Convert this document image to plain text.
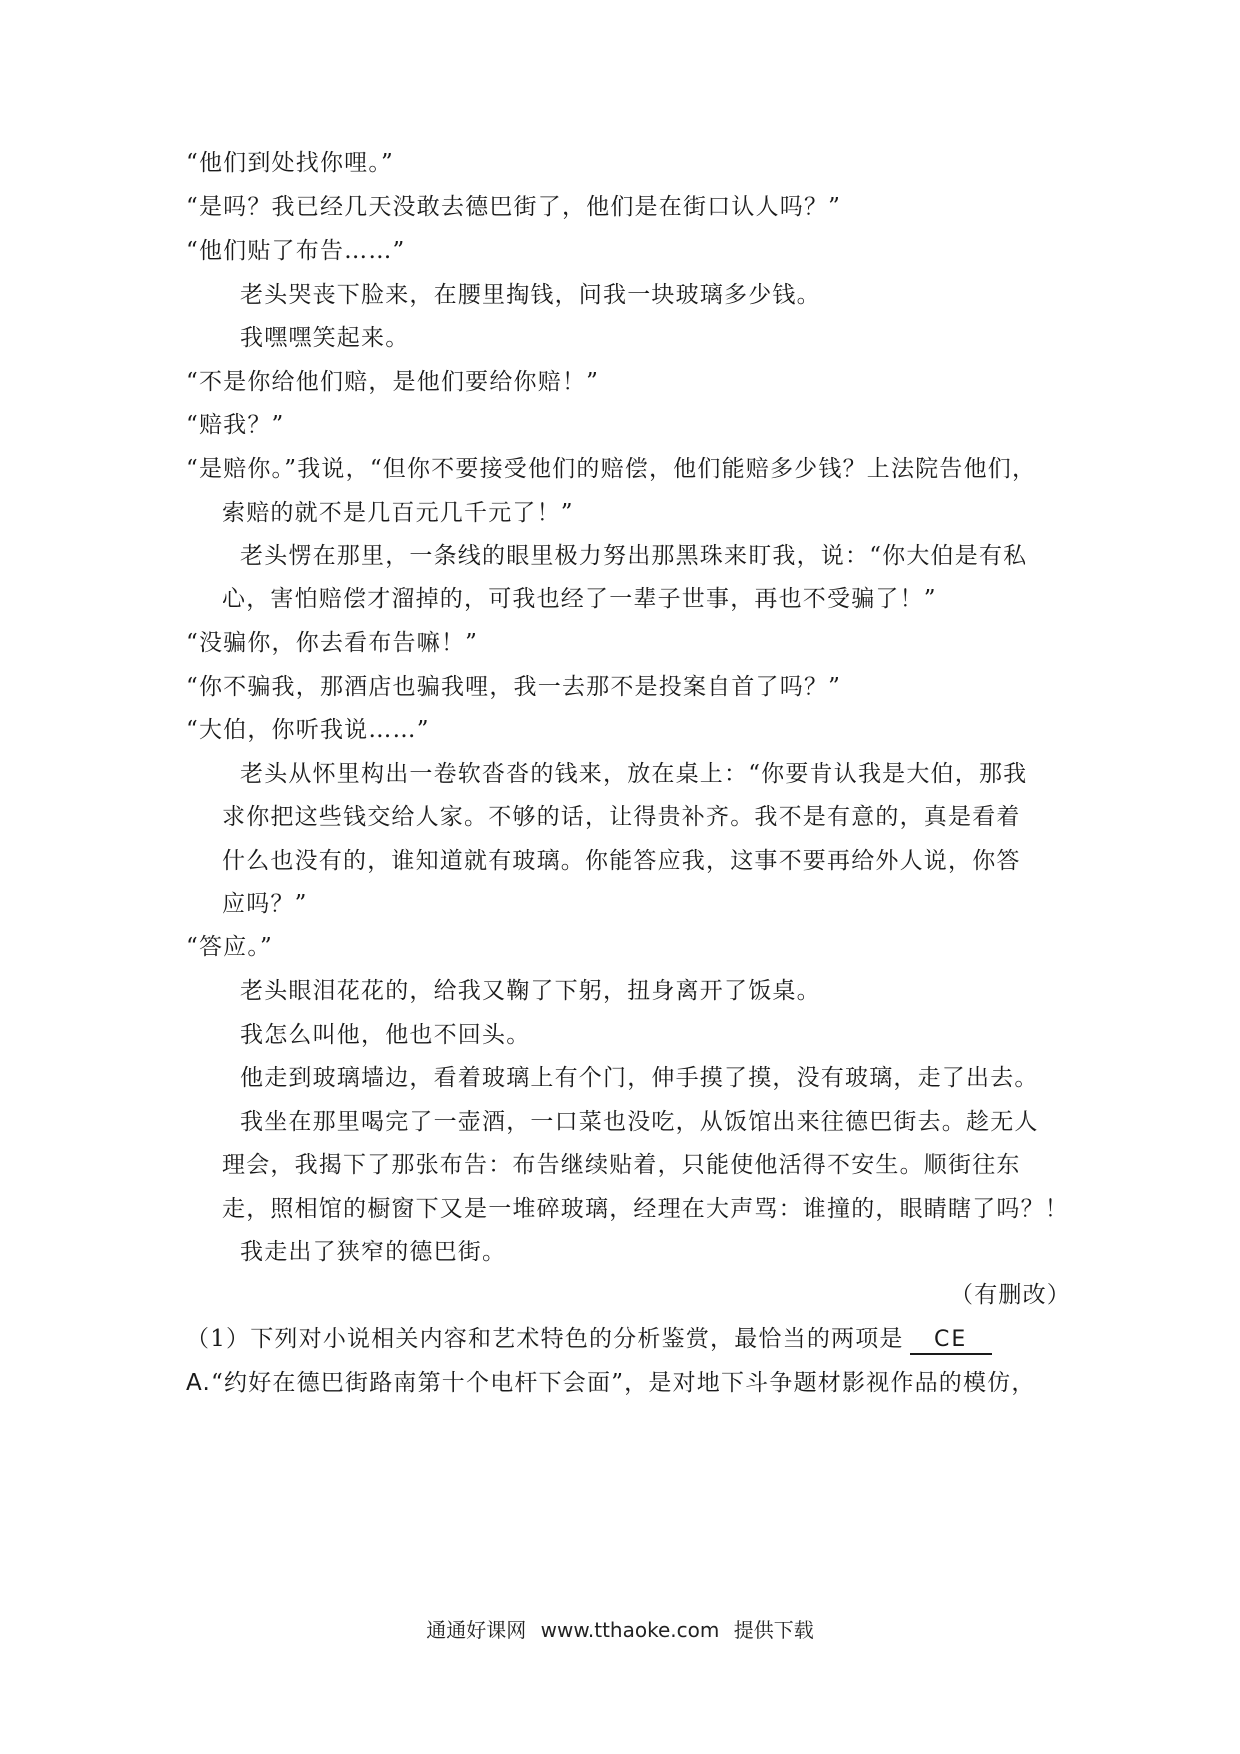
“他们到处找你哩。”
“是吗？我已经几天没敢去德巴街了，他们是在街口认人吗？”
“他们贴了布告……”
老头哭丧下脸来，在腰里掏钱，问我一块玻璃多少钱。
我嘿嘿笑起来。
“不是你给他们赔，是他们要给你赔！”
“赔我？”
“是赔你。”我说，“但你不要接受他们的赔偿，他们能赔多少钱？上法院告他们，
索赔的就不是几百元几千元了！”
老头愣在那里，一条线的眼里极力努出那黑珠来盯我，说：“你大伯是有私
心，害怕赔偿才溜掉的，可我也经了一辈子世事，再也不受骗了！”
“没骗你，你去看布告嘛！”
“你不骗我，那酒店也骗我哩，我一去那不是投案自首了吗？”
“大伯，你听我说……”
老头从怀里构出一卷软沓沓的钱来，放在桌上：“你要肯认我是大伯，那我
求你把这些钱交给人家。不够的话，让得贵补齐。我不是有意的，真是看着
什么也没有的，谁知道就有玻璃。你能答应我，这事不要再给外人说，你答
应吗？”
“答应。”
老头眼泪花花的，给我又鞠了下躬，扭身离开了饭桌。
我怎么叫他，他也不回头。
他走到玻璃墙边，看着玻璃上有个门，伸手摸了摸，没有玻璃，走了出去。
我坐在那里喝完了一壶酒，一口菜也没吃，从饭馆出来往德巴街去。趁无人
理会，我揭下了那张布告：布告继续贴着，只能使他活得不安生。顺街往东
走，照相馆的橱窗下又是一堆碎玻璃，经理在大声骂：谁撞的，眼睛瞎了吗？！
我走出了狭窄的德巴街。
（有删改）
（1）下列对小说相关内容和艺术特色的分析鉴赏，最恰当的两项是 CE
A.“约好在德巴街路南第十个电杆下会面”，是对地下斗争题材影视作品的模仿，
通通好课网 www.tthaoke.com 提供下载
